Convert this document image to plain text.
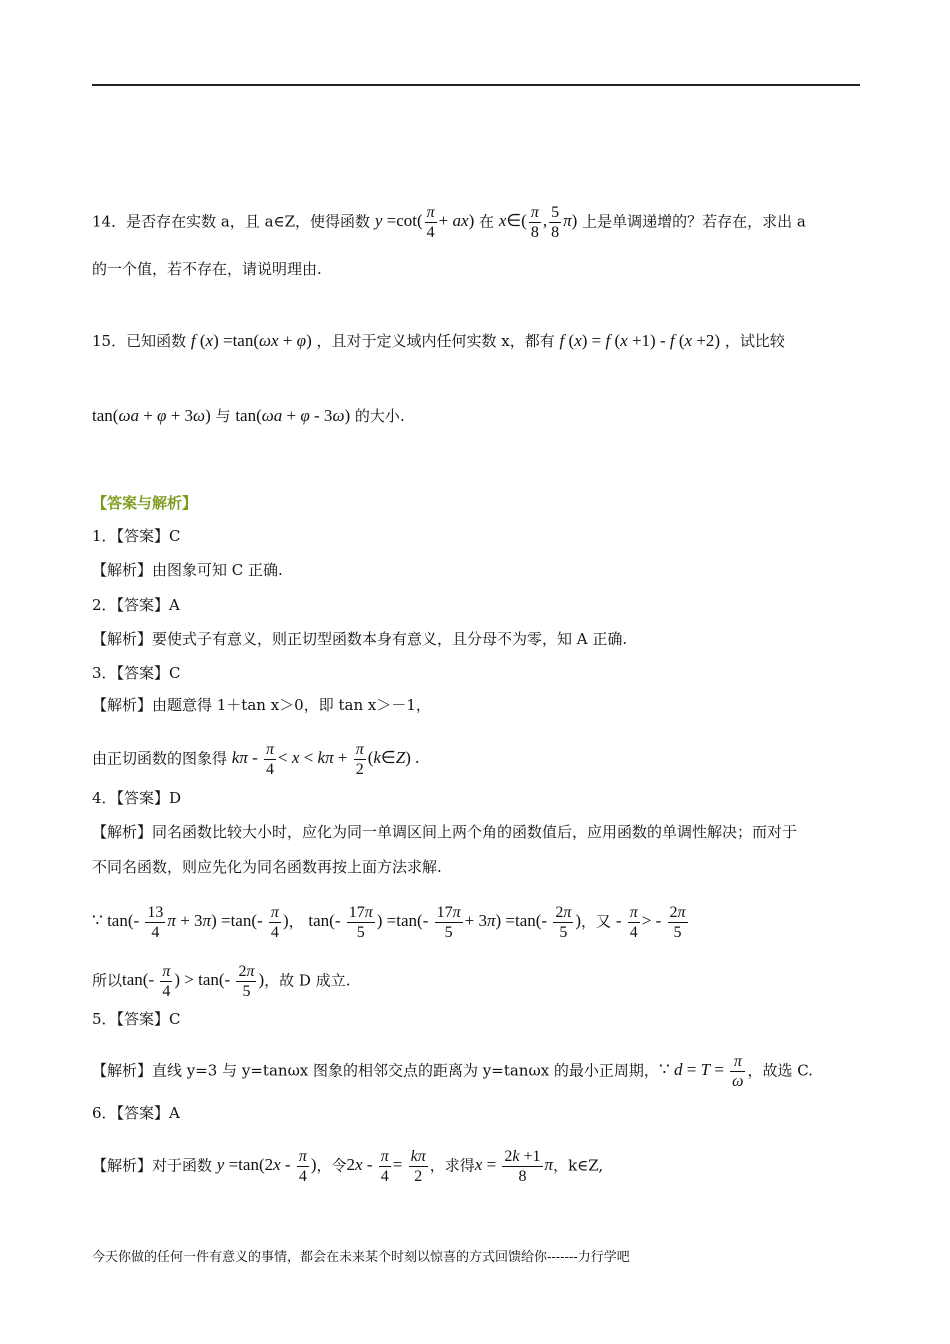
14．是否存在实数 a，且 a∈Z，使得函数 $y =\cot( \frac{\pi}{4} + ax)$ 在 x∈( $\frac{\pi}{8}$ , $\frac{5}{8} \pi$) 上是单调递增的？若存在，求出 a
的一个值，若不存在，请说明理由.
15．已知函数 f (x) =tan(ωx + φ) ，且对于定义域内任何实数 x，都有 f (x) = f (x +1) - f (x +2) ，试比较
tan(ωa + φ + 3ω) 与 tan(ωa + φ - 3ω) 的大小.
【答案与解析】
1．【答案】C
【解析】由图象可知 C 正确.
2．【答案】A
【解析】要使式子有意义，则正切型函数本身有意义，且分母不为零，知 A 正确.
3．【答案】C
【解析】由题意得 1＋tan x＞0，即 tan x＞－1，
由正切函数的图象得 $k\pi - \frac{\pi}{4} < x < k\pi + \frac{\pi}{2}$ (k∈Z) .
4．【答案】D
【解析】同名函数比较大小时，应化为同一单调区间上两个角的函数值后，应用函数的单调性解决；而对于
不同名函数，则应先化为同名函数再按上面方法求解.
∵ $\tan(- \frac{13}{4}$ $\pi + 3\pi) =\tan(- \frac{\pi}{4}$ )， $\tan(- \frac{17\pi}{5}$ ) $=\tan(- \frac{17\pi}{5} + 3\pi) =\tan(- \frac{2\pi}{5}$ )，又 - $\frac{\pi}{4}$ > - $\frac{2\pi}{5}$
所以$\tan(- \frac{\pi}{4}$ ) > $\tan(- \frac{2\pi}{5}$ )，故 D 成立.
5．【答案】C
【解析】直线 y=3 与 y=tanωx 图象的相邻交点的距离为 y=tanωx 的最小正周期，∵ $d = T = \frac{\pi}{\omega}$ ，故选 C.
6．【答案】A
【解析】对于函数 $y =\tan(2x - \frac{\pi}{4}$ )，令$2x - \frac{\pi}{4} = \frac{k\pi}{2}$ ，求得$x = \frac{2k +1}{8}$ π，k∈Z,
今天你做的任何一件有意义的事情，都会在未来某个时刻以惊喜的方式回馈给你-------力行学吧
